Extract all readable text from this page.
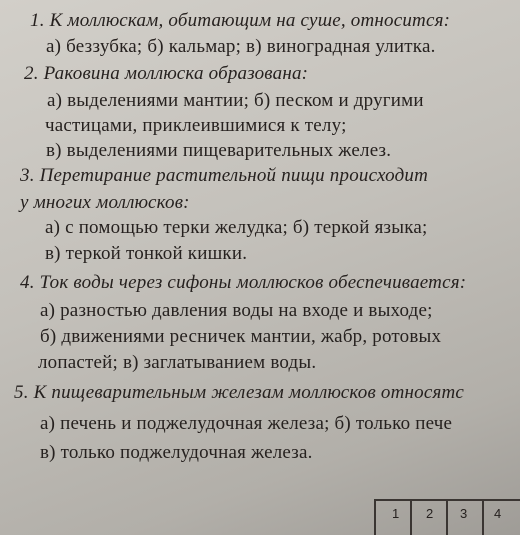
1. К моллюскам, обитающим на суше, относится:
а) беззубка; б) кальмар; в) виноградная улитка.
2. Раковина моллюска образована:
а) выделениями мантии; б) песком и другими
частицами, приклеившимися к телу;
в) выделениями пищеварительных желез.
3. Перетирание растительной пищи происходит
у многих моллюсков:
а) с помощью терки желудка; б) теркой языка;
в) теркой тонкой кишки.
4. Ток воды через сифоны моллюсков обеспечивается:
а) разностью давления воды на входе и выходе;
б) движениями ресничек мантии, жабр, ротовых
лопастей; в) заглатыванием воды.
5. К пищеварительным железам моллюсков относятс
а) печень и поджелудочная железа; б) только пече
в) только поджелудочная железа.
1 2 3 4
